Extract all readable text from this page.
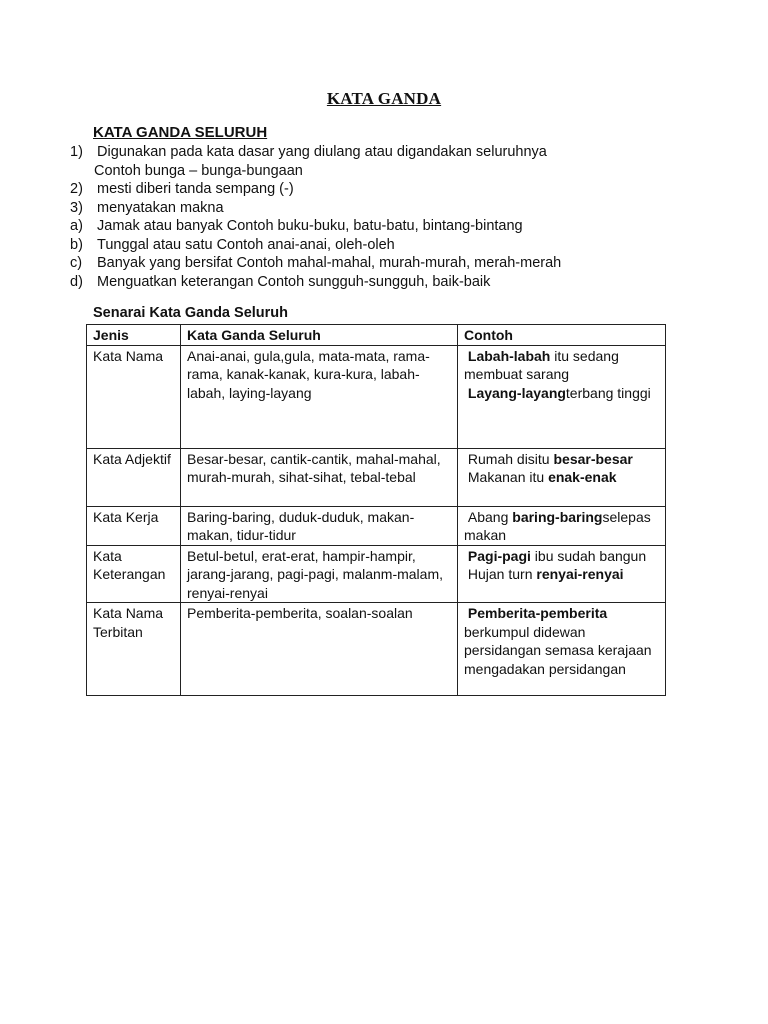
KATA GANDA
KATA GANDA SELURUH
1) Digunakan pada kata dasar yang diulang atau digandakan seluruhnya
Contoh bunga – bunga-bungaan
2) mesti diberi tanda sempang (-)
3) menyatakan makna
a) Jamak atau banyak Contoh buku-buku, batu-batu, bintang-bintang
b) Tunggal atau satu Contoh anai-anai, oleh-oleh
c)	Banyak yang bersifat Contoh mahal-mahal, murah-murah, merah-merah
d) Menguatkan keterangan Contoh sungguh-sungguh, baik-baik
Senarai Kata Ganda Seluruh
Jenis	Kata Ganda Seluruh	Contoh
Kata Nama	Anai-anai, gula,gula, mata-mata, rama-rama, kanak-kanak, kura-kura, labah-labah, laying-layang	Labah-labah itu sedang membuat sarang
Layang-layangterbang tinggi

Kata Adjektif	Besar-besar, cantik-cantik, mahal-mahal, murah-murah, sihat-sihat, tebal-tebal	Rumah disitu besar-besar
Makanan itu enak-enak

Kata Kerja	Baring-baring, duduk-duduk, makan-makan, tidur-tidur	Abang baring-baringselepas makan

Kata Keterangan	Betul-betul, erat-erat, hampir-hampir, jarang-jarang, pagi-pagi, malanm-malam, renyai-renyai	Pagi-pagi ibu sudah bangun
Hujan turn renyai-renyai

Kata Nama Terbitan	Pemberita-pemberita, soalan-soalan	Pemberita-pemberita berkumpul didewan persidangan semasa kerajaan mengadakan persidangan
